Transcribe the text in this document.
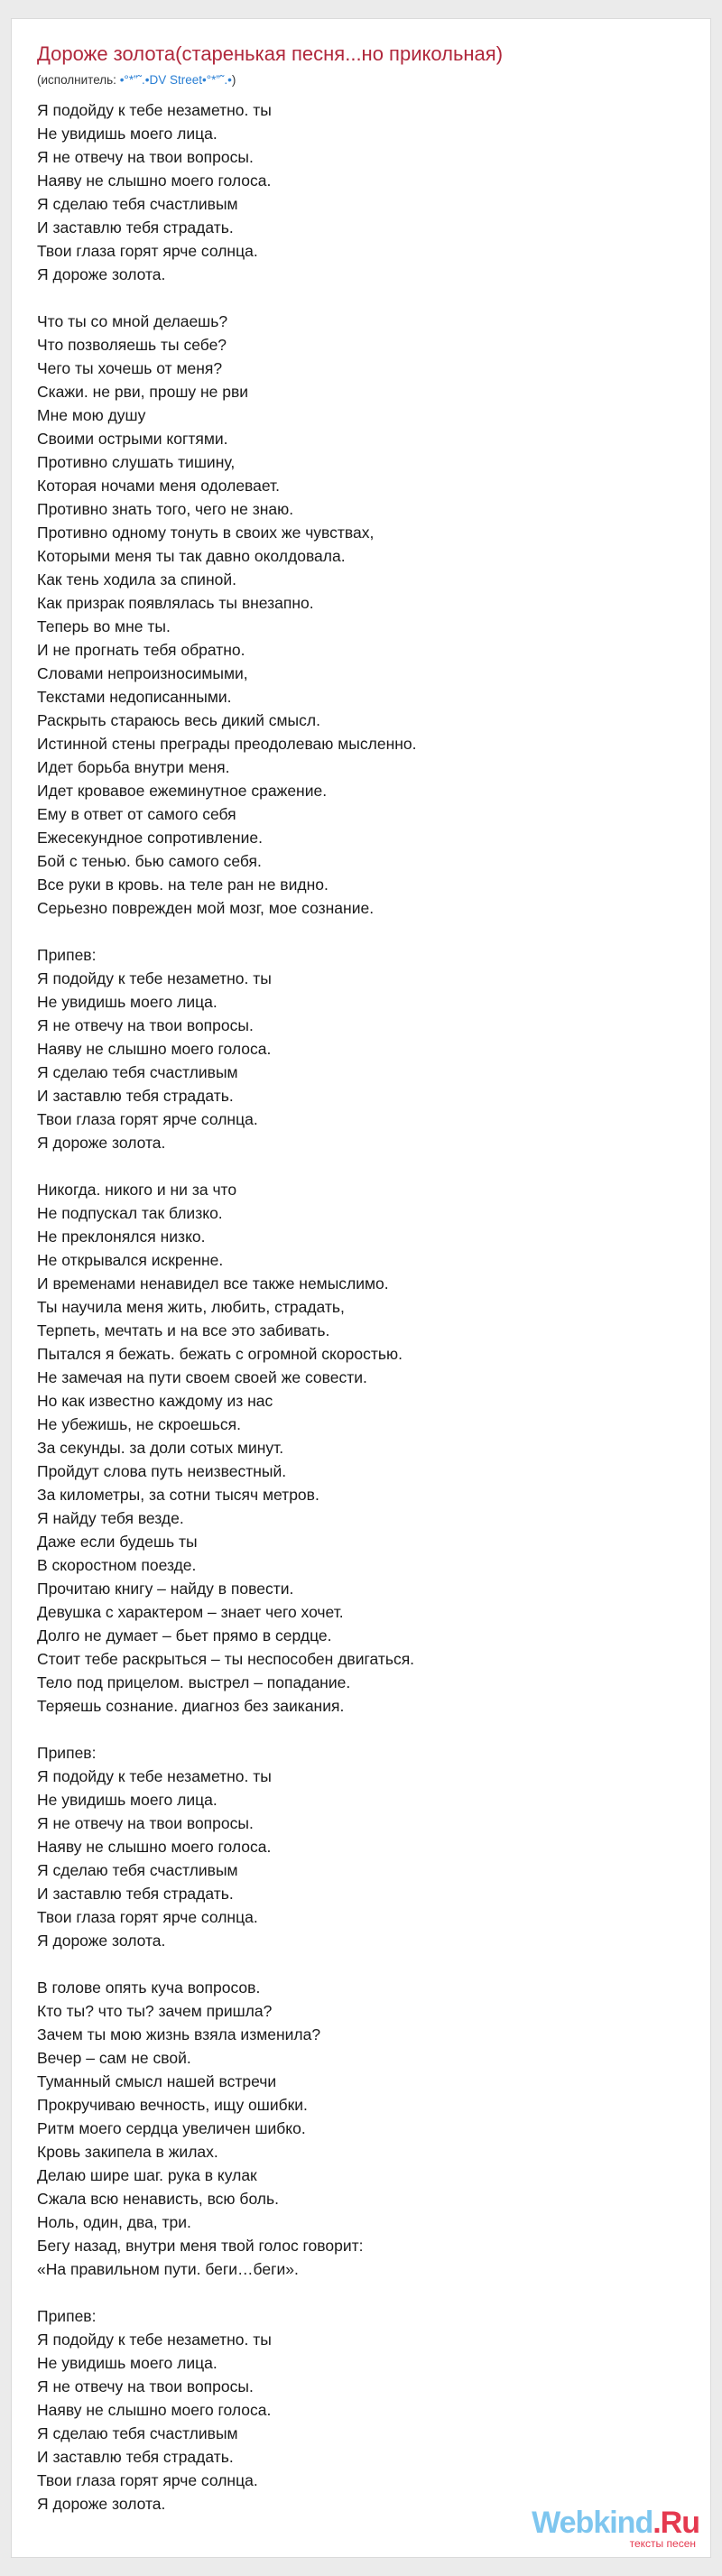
Дороже золота(старенькая песня...но прикольная)
(исполнитель: •°*”˜.•DV Street•°*”˜.•)
Я подойду к тебе незаметно. ты
Не увидишь моего лица.
Я не отвечу на твои вопросы.
Наяву не слышно моего голоса.
Я сделаю тебя счастливым
И заставлю тебя страдать.
Твои глаза горят ярче солнца.
Я дороже золота.
Что ты со мной делаешь?
Что позволяешь ты себе?
Чего ты хочешь от меня?
Скажи. не рви, прошу не рви
Мне мою душу
Своими острыми когтями.
Противно слушать тишину,
Которая ночами меня одолевает.
Противно знать того, чего не знаю.
Противно одному тонуть в своих же чувствах,
Которыми меня ты так давно околдовала.
Как тень ходила за спиной.
Как призрак появлялась ты внезапно.
Теперь во мне ты.
И не прогнать тебя обратно.
Словами непроизносимыми,
Текстами недописанными.
Раскрыть стараюсь весь дикий смысл.
Истинной стены преграды преодолеваю мысленно.
Идет борьба внутри меня.
Идет кровавое ежеминутное сражение.
Ему в ответ от самого себя
Ежесекундное сопротивление.
Бой с тенью. бью самого себя.
Все руки в кровь. на теле ран не видно.
Серьезно поврежден мой мозг, мое сознание.
Припев:
Я подойду к тебе незаметно. ты
Не увидишь моего лица.
Я не отвечу на твои вопросы.
Наяву не слышно моего голоса.
Я сделаю тебя счастливым
И заставлю тебя страдать.
Твои глаза горят ярче солнца.
Я дороже золота.
Никогда. никого и ни за что
Не подпускал так близко.
Не преклонялся низко.
Не открывался искренне.
И временами ненавидел все также немыслимо.
Ты научила меня жить, любить, страдать,
Терпеть, мечтать и на все это забивать.
Пытался я бежать. бежать с огромной скоростью.
Не замечая на пути своем своей же совести.
Но как известно каждому из нас
Не убежишь, не скроешься.
За секунды. за доли сотых минут.
Пройдут слова путь неизвестный.
За километры, за сотни тысяч метров.
Я найду тебя везде.
Даже если будешь ты
В скоростном поезде.
Прочитаю книгу – найду в повести.
Девушка с характером – знает чего хочет.
Долго не думает – бьет прямо в сердце.
Стоит тебе раскрыться – ты неспособен двигаться.
Тело под прицелом. выстрел – попадание.
Теряешь сознание. диагноз без заикания.
Припев:
Я подойду к тебе незаметно. ты
Не увидишь моего лица.
Я не отвечу на твои вопросы.
Наяву не слышно моего голоса.
Я сделаю тебя счастливым
И заставлю тебя страдать.
Твои глаза горят ярче солнца.
Я дороже золота.
В голове опять куча вопросов.
Кто ты? что ты? зачем пришла?
Зачем ты мою жизнь взяла изменила?
Вечер – сам не свой.
Туманный смысл нашей встречи
Прокручиваю вечность, ищу ошибки.
Ритм моего сердца увеличен шибко.
Кровь закипела в жилах.
Делаю шире шаг. рука в кулак
Сжала всю ненависть, всю боль.
Ноль, один, два, три.
Бегу назад, внутри меня твой голос говорит:
«На правильном пути. беги…беги».
Припев:
Я подойду к тебе незаметно. ты
Не увидишь моего лица.
Я не отвечу на твои вопросы.
Наяву не слышно моего голоса.
Я сделаю тебя счастливым
И заставлю тебя страдать.
Твои глаза горят ярче солнца.
Я дороже золота.
Webkind.Ru
тексты песен
